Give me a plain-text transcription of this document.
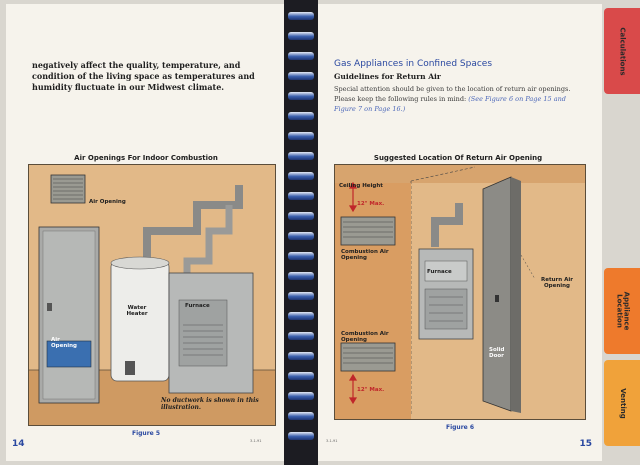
negatively affect the quality, temperature, and condition of the living space as temperatures and humidity fluctuate in our Midwest climate.

Air Openings For Indoor Combustion
Air Opening
Air Opening
Water Heater
Furnace
No ductwork is shown in this illustration.
Figure 5
14	3-1-91
Gas Appliances in Confined Spaces
Guidelines for Return Air

Special attention should be given to the location of return air openings. Please keep the following rules in mind: (See Figure 6 on Page 15 and Figure 7 on Page 16.)

Suggested Location Of Return Air Opening
Ceiling Height
12" Max.
Combustion Air Opening
Furnace
Return Air Opening
Combustion Air Opening
Solid Door
12" Max.
Figure 6
15
3-1-91
Calculations
Appliance Location
Venting
